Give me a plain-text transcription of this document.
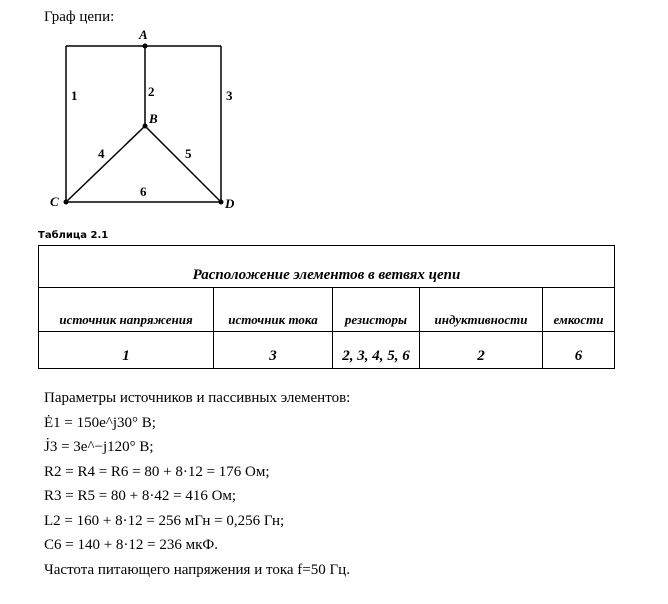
Граф цепи:
A
B
C	D
1	2	3
4	5
6
Таблица 2.1
Расположение элементов в ветвях цепи				
источник напряжения	источник тока	резисторы	индуктивности	емкости
1	3	2, 3, 4, 5, 6	2	6
Параметры источников и пассивных элементов:
Ė1 = 150e^j30° В;
J̇3 = 3e^−j120° В;
R2 = R4 = R6 = 80 + 8·12 = 176 Ом;
R3 = R5 = 80 + 8·42 = 416 Ом;
L2 = 160 + 8·12 = 256 мГн = 0,256 Гн;
C6 = 140 + 8·12 = 236 мкФ.
Частота питающего напряжения и тока f=50 Гц.
